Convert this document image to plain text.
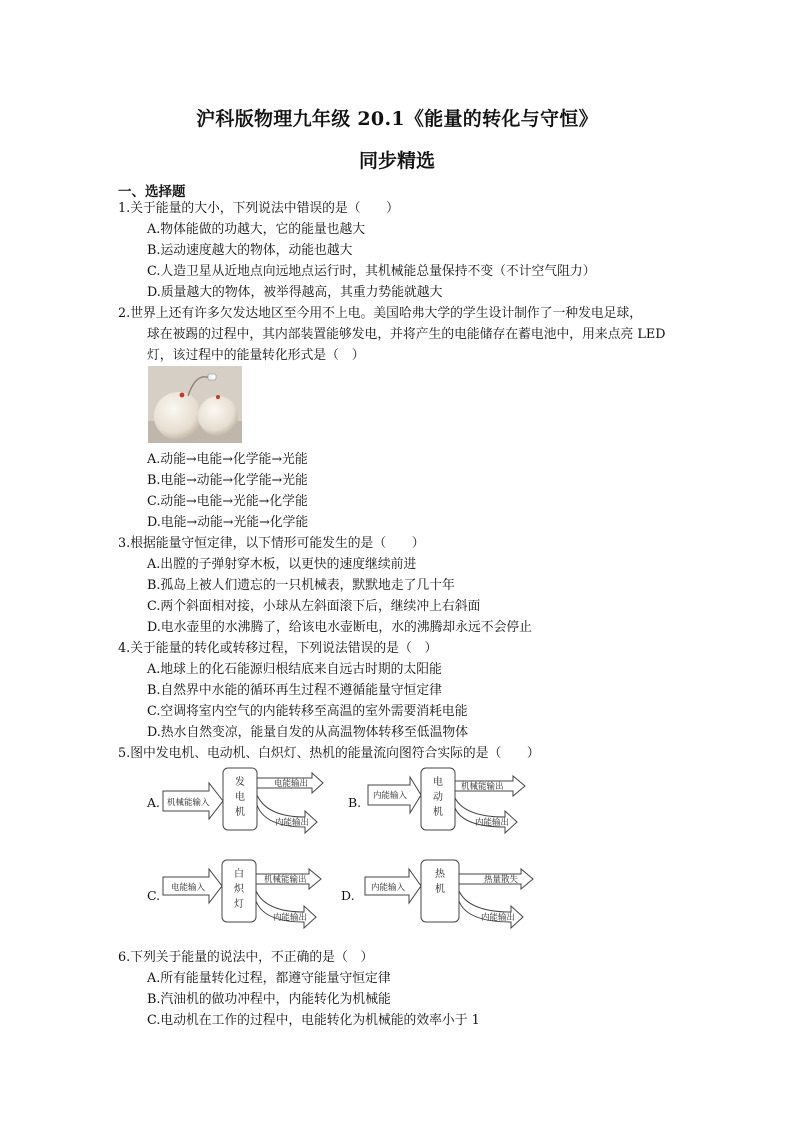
沪科版物理九年级 20.1《能量的转化与守恒》
同步精选
一、选择题
1.关于能量的大小，下列说法中错误的是（　　）
A.物体能做的功越大，它的能量也越大
B.运动速度越大的物体，动能也越大
C.人造卫星从近地点向远地点运行时，其机械能总量保持不变（不计空气阻力）
D.质量越大的物体，被举得越高，其重力势能就越大
2.世界上还有许多欠发达地区至今用不上电。美国哈弗大学的学生设计制作了一种发电足球，
球在被踢的过程中，其内部装置能够发电，并将产生的电能储存在蓄电池中，用来点亮 LED
灯，该过程中的能量转化形式是（　）
A.动能→电能→化学能→光能
B.电能→动能→化学能→光能
C.动能→电能→光能→化学能
D.电能→动能→光能→化学能
3.根据能量守恒定律，以下情形可能发生的是（　　）
A.出膛的子弹射穿木板，以更快的速度继续前进
B.孤岛上被人们遗忘的一只机械表，默默地走了几十年
C.两个斜面相对接，小球从左斜面滚下后，继续冲上右斜面
D.电水壶里的水沸腾了，给该电水壶断电，水的沸腾却永远不会停止
4.关于能量的转化或转移过程，下列说法错误的是（　）
A.地球上的化石能源归根结底来自远古时期的太阳能
B.自然界中水能的循环再生过程不遵循能量守恒定律
C.空调将室内空气的内能转移至高温的室外需要消耗电能
D.热水自然变凉，能量自发的从高温物体转移至低温物体
5.图中发电机、电动机、白炽灯、热机的能量流向图符合实际的是（　　）
A. 机械能输入
发
电
机
电能输出
内能输出
B. 内能输入
电
动
机
机械能输出
内能输出
C. 电能输入
白
炽
灯
机械能输出
内能输出
D. 内能输入
热
机
热量散失
内能输出
6.下列关于能量的说法中，不正确的是（　）
A.所有能量转化过程，都遵守能量守恒定律
B.汽油机的做功冲程中，内能转化为机械能
C.电动机在工作的过程中，电能转化为机械能的效率小于 1
